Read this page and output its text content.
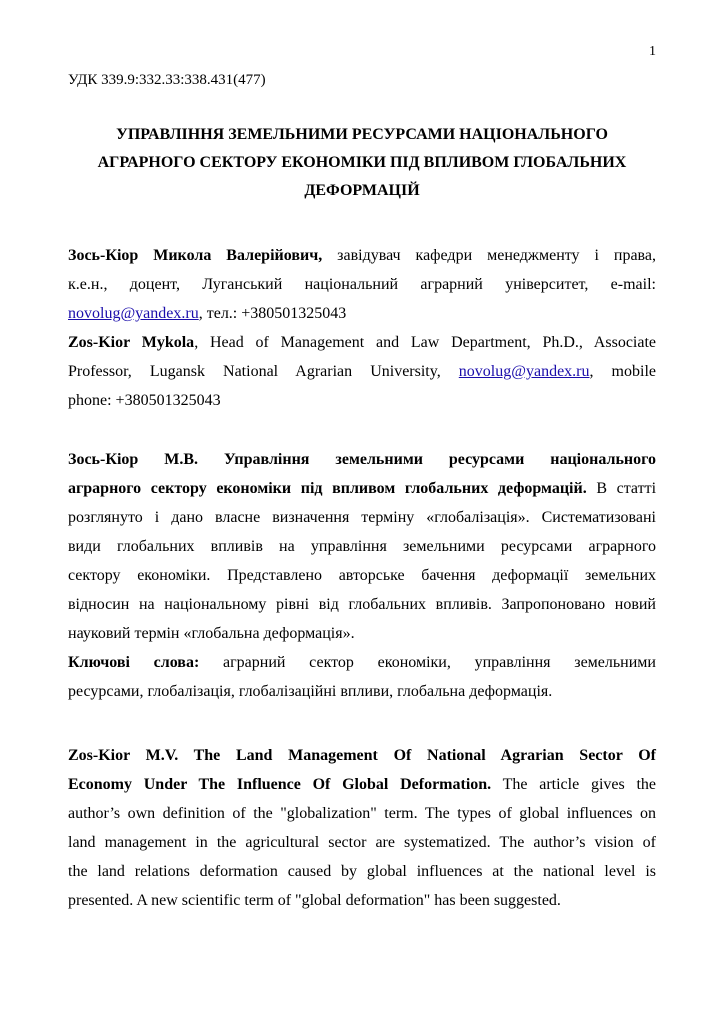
1
УДК 339.9:332.33:338.431(477)
УПРАВЛІННЯ ЗЕМЕЛЬНИМИ РЕСУРСАМИ НАЦІОНАЛЬНОГО
АГРАРНОГО СЕКТОРУ ЕКОНОМІКИ ПІД ВПЛИВОМ ГЛОБАЛЬНИХ
ДЕФОРМАЦІЙ
Зось-Кіор Микола Валерійович, завідувач кафедри менеджменту і права,
к.е.н., доцент, Луганський національний аграрний університет, e-mail:
novolug@yandex.ru, тел.: +380501325043
Zos-Kior Mykola, Head of Management and Law Department, Ph.D., Associate
Professor, Lugansk National Agrarian University, novolug@yandex.ru, mobile
phone: +380501325043
Зось-Кіор М.В. Управління земельними ресурсами національного
аграрного сектору економіки під впливом глобальних деформацій. В статті
розглянуто і дано власне визначення терміну «глобалізація». Систематизовані
види глобальних впливів на управління земельними ресурсами аграрного
сектору економіки. Представлено авторське бачення деформації земельних
відносин на національному рівні від глобальних впливів. Запропоновано новий
науковий термін «глобальна деформація».
Ключові слова: аграрний сектор економіки, управління земельними
ресурсами, глобалізація, глобалізаційні впливи, глобальна деформація.
Zos-Kior M.V. The Land Management Of National Agrarian Sector Of
Economy Under The Influence Of Global Deformation. The article gives the
author’s own definition of the "globalization" term. The types of global influences on
land management in the agricultural sector are systematized. The author’s vision of
the land relations deformation caused by global influences at the national level is
presented. A new scientific term of "global deformation" has been suggested.
